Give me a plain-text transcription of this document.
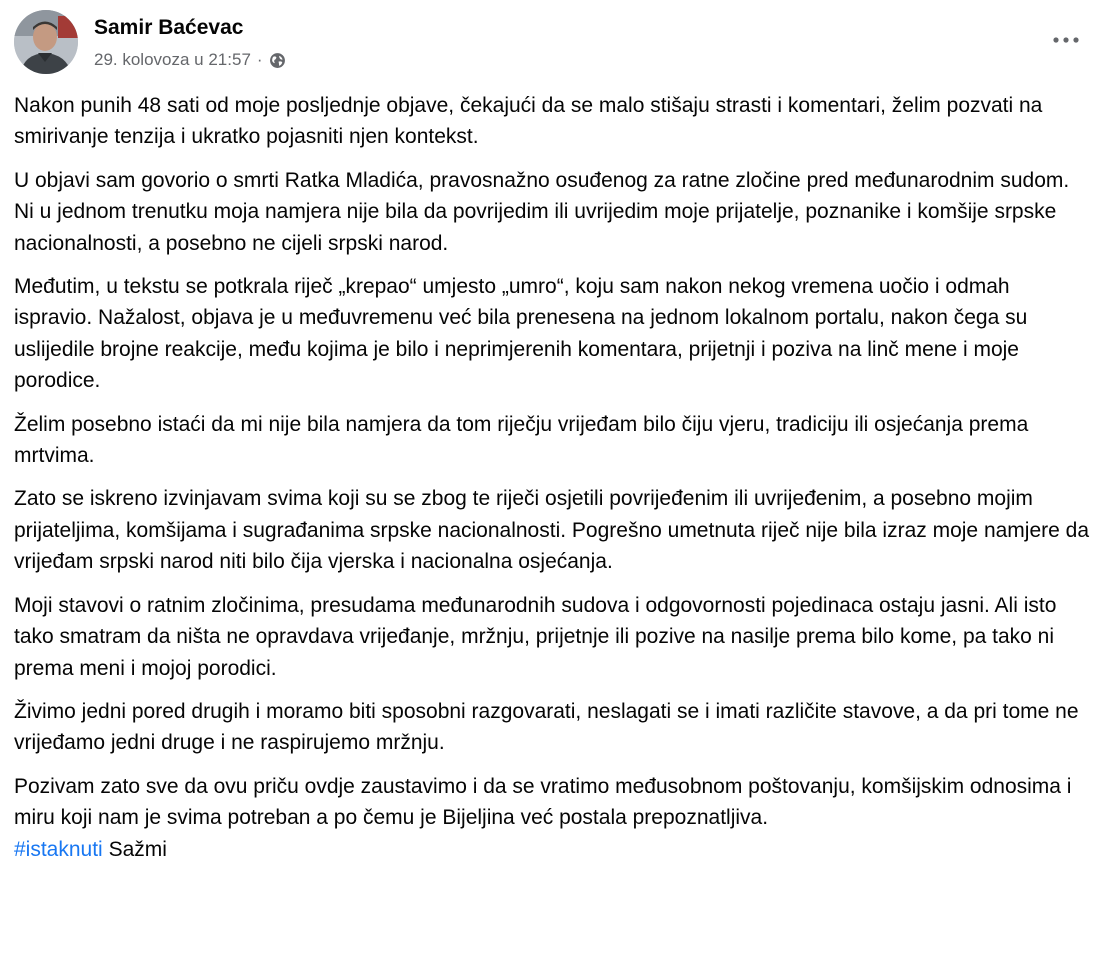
Samir Baćevac
29. kolovoza u 21:57 ·

Nakon punih 48 sati od moje posljednje objave, čekajući da se malo stišaju strasti i komentari, želim pozvati na smirivanje tenzija i ukratko pojasniti njen kontekst.

U objavi sam govorio o smrti Ratka Mladića, pravosnažno osuđenog za ratne zločine pred međunarodnim sudom. Ni u jednom trenutku moja namjera nije bila da povrijedim ili uvrijedim moje prijatelje, poznanike i komšije srpske nacionalnosti, a posebno ne cijeli srpski narod.

Međutim, u tekstu se potkrala riječ „krepao“ umjesto „umro“, koju sam nakon nekog vremena uočio i odmah ispravio. Nažalost, objava je u međuvremenu već bila prenesena na jednom lokalnom portalu, nakon čega su uslijedile brojne reakcije, među kojima je bilo i neprimjerenih komentara, prijetnji i poziva na linč mene i moje porodice.

Želim posebno istaći da mi nije bila namjera da tom riječju vrijeđam bilo čiju vjeru, tradiciju ili osjećanja prema mrtvima.

Zato se iskreno izvinjavam svima koji su se zbog te riječi osjetili povrijeđenim ili uvrijeđenim, a posebno mojim prijateljima, komšijama i sugrađanima srpske nacionalnosti. Pogrešno umetnuta riječ nije bila izraz moje namjere da vrijeđam srpski narod niti bilo čija vjerska i nacionalna osjećanja.

Moji stavovi o ratnim zločinima, presudama međunarodnih sudova i odgovornosti pojedinaca ostaju jasni. Ali isto tako smatram da ništa ne opravdava vrijeđanje, mržnju, prijetnje ili pozive na nasilje prema bilo kome, pa tako ni prema meni i mojoj porodici.

Živimo jedni pored drugih i moramo biti sposobni razgovarati, neslagati se i imati različite stavove, a da pri tome ne vrijeđamo jedni druge i ne raspirujemo mržnju.

Pozivam zato sve da ovu priču ovdje zaustavimo i da se vratimo međusobnom poštovanju, komšijskim odnosima i miru koji nam je svima potreban a po čemu je Bijeljina već postala prepoznatljiva.

#istaknuti Sažmi
